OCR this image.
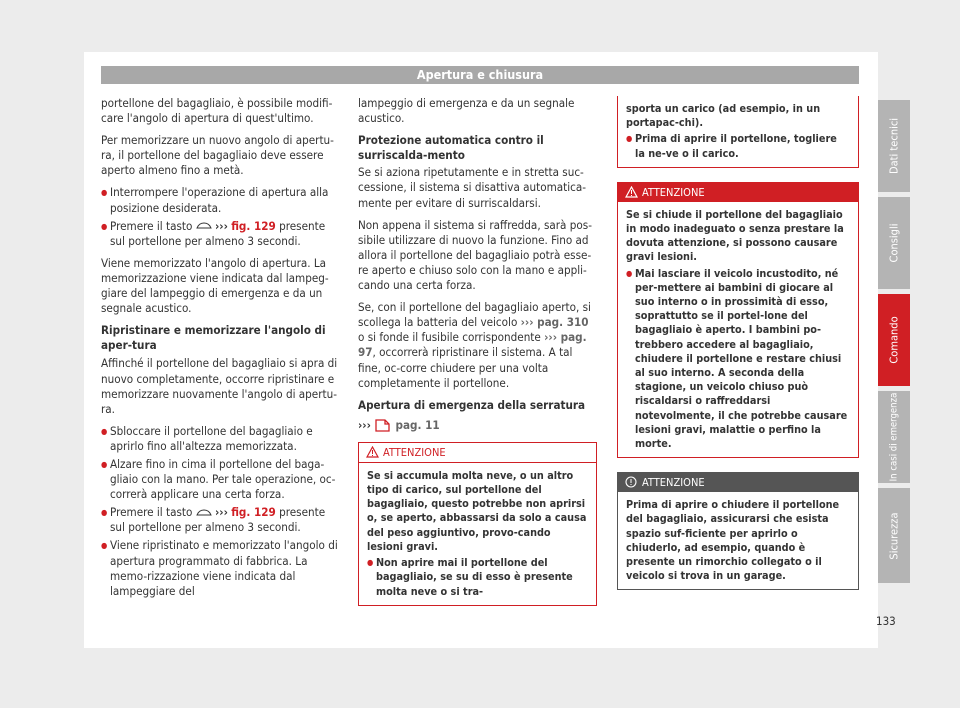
Apertura e chiusura

portellone del bagagliaio, è possibile modifi-care l'angolo di apertura di quest'ultimo.

Per memorizzare un nuovo angolo di apertu-ra, il portellone del bagagliaio deve essere aperto almeno fino a metà.

● Interrompere l'operazione di apertura alla posizione desiderata.
● Premere il tasto ››› fig. 129 presente sul portellone per almeno 3 secondi.

Viene memorizzato l'angolo di apertura. La memorizzazione viene indicata dal lampeg-giare del lampeggio di emergenza e da un segnale acustico.

Ripristinare e memorizzare l'angolo di aper-tura

Affinché il portellone del bagagliaio si apra di nuovo completamente, occorre ripristinare e memorizzare nuovamente l'angolo di apertu-ra.

● Sbloccare il portellone del bagagliaio e aprirlo fino all'altezza memorizzata.
● Alzare fino in cima il portellone del baga-gliaio con la mano. Per tale operazione, oc-correrà applicare una certa forza.
● Premere il tasto ››› fig. 129 presente sul portellone per almeno 3 secondi.
● Viene ripristinato e memorizzato l'angolo di apertura programmato di fabbrica. La memo-rizzazione viene indicata dal lampeggiare del

lampeggio di emergenza e da un segnale acustico.

Protezione automatica contro il surriscalda-mento

Se si aziona ripetutamente e in stretta suc-cessione, il sistema si disattiva automatica-mente per evitare di surriscaldarsi.

Non appena il sistema si raffredda, sarà pos-sibile utilizzare di nuovo la funzione. Fino ad allora il portellone del bagagliaio potrà esse-re aperto e chiuso solo con la mano e appli-cando una certa forza.

Se, con il portellone del bagagliaio aperto, si scollega la batteria del veicolo ››› pag. 310 o si fonde il fusibile corrispondente ››› pag. 97, occorrerà ripristinare il sistema. A tal fine, oc-corre chiudere per una volta completamente il portellone.

Apertura di emergenza della serratura

››› pag. 11

ATTENZIONE
Se si accumula molta neve, o un altro tipo di carico, sul portellone del bagagliaio, questo potrebbe non aprirsi o, se aperto, abbassarsi da solo a causa del peso aggiuntivo, provo-cando lesioni gravi.
● Non aprire mai il portellone del bagagliaio, se su di esso è presente molta neve o si tra-
sporta un carico (ad esempio, in un portapac-chi).
● Prima di aprire il portellone, togliere la ne-ve o il carico.
ATTENZIONE
Se si chiude il portellone del bagagliaio in modo inadeguato o senza prestare la dovuta attenzione, si possono causare gravi lesioni.
● Mai lasciare il veicolo incustodito, né per-mettere ai bambini di giocare al suo interno o in prossimità di esso, soprattutto se il portel-lone del bagagliaio è aperto. I bambini po-trebbero accedere al bagagliaio, chiudere il portellone e restare chiusi al suo interno. A seconda della stagione, un veicolo chiuso può riscaldarsi o raffreddarsi notevolmente, il che potrebbe causare lesioni gravi, malattie o perfino la morte.
ATTENZIONE
Prima di aprire o chiudere il portellone del bagagliaio, assicurarsi che esista spazio suf-ficiente per aprirlo o chiuderlo, ad esempio, quando è presente un rimorchio collegato o il veicolo si trova in un garage.
Dati tecnici
Consigli
Comando
In casi di emergenza
Sicurezza
133
